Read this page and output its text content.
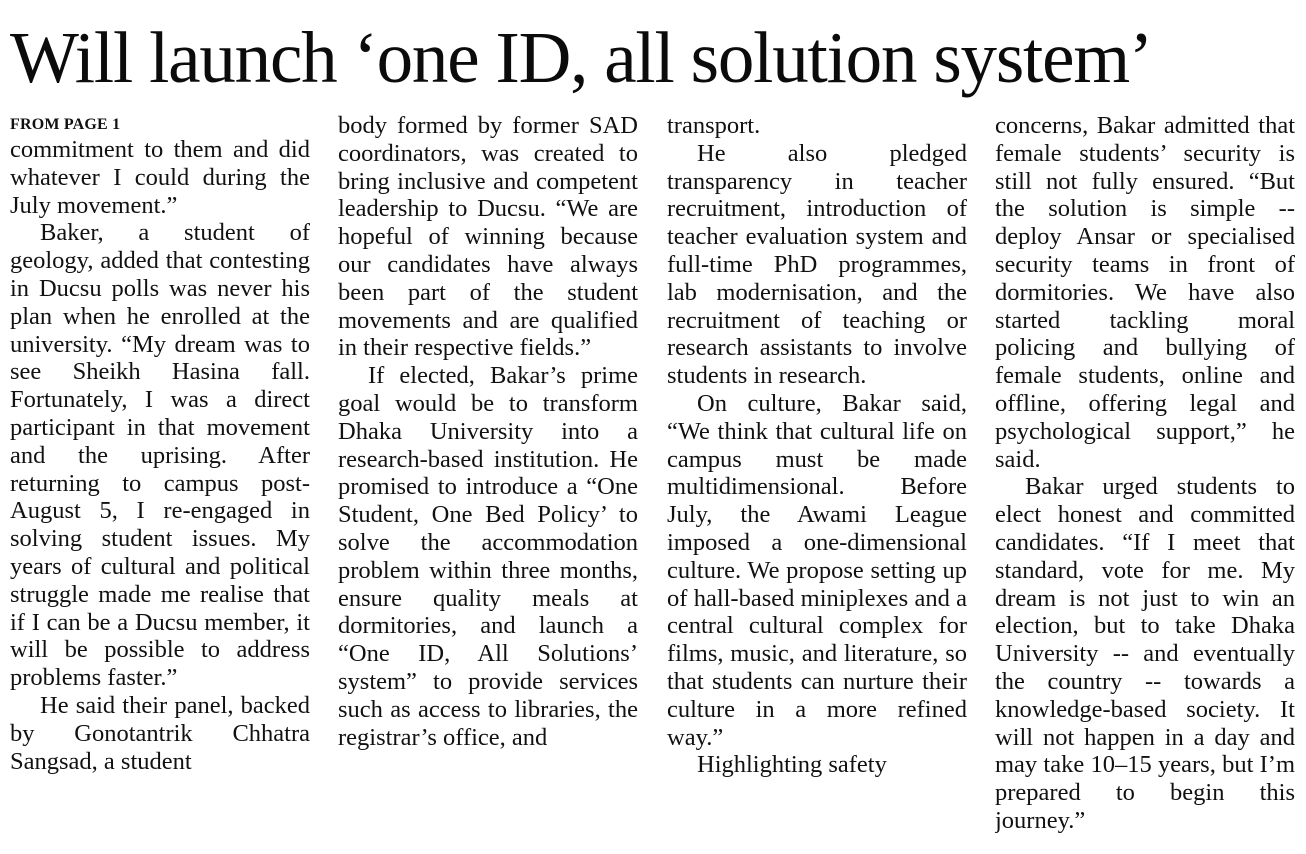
Will launch ‘one ID, all solution system’
FROM PAGE 1

commitment to them and did whatever I could during the July movement.”

Baker, a student of geology, added that contesting in Ducsu polls was never his plan when he enrolled at the university. “My dream was to see Sheikh Hasina fall. Fortunately, I was a direct participant in that movement and the uprising. After returning to campus post-August 5, I re-engaged in solving student issues. My years of cultural and political struggle made me realise that if I can be a Ducsu member, it will be possible to address problems faster.”

He said their panel, backed by Gonotantrik Chhatra Sangsad, a student

body formed by former SAD coordinators, was created to bring inclusive and competent leadership to Ducsu. “We are hopeful of winning because our candidates have always been part of the student movements and are qualified in their respective fields.”

If elected, Bakar’s prime goal would be to transform Dhaka University into a research-based institution. He promised to introduce a “One Student, One Bed Policy’ to solve the accommodation problem within three months, ensure quality meals at dormitories, and launch a “One ID, All Solutions’ system” to provide services such as access to libraries, the registrar’s office, and

transport.

He also pledged transparency in teacher recruitment, introduction of teacher evaluation system and full-time PhD programmes, lab modernisation, and the recruitment of teaching or research assistants to involve students in research.

On culture, Bakar said, “We think that cultural life on campus must be made multidimensional. Before July, the Awami League imposed a one-dimensional culture. We propose setting up of hall-based miniplexes and a central cultural complex for films, music, and literature, so that students can nurture their culture in a more refined way.”

Highlighting safety

concerns, Bakar admitted that female students’ security is still not fully ensured. “But the solution is simple -- deploy Ansar or specialised security teams in front of dormitories. We have also started tackling moral policing and bullying of female students, online and offline, offering legal and psychological support,” he said.

Bakar urged students to elect honest and committed candidates. “If I meet that standard, vote for me. My dream is not just to win an election, but to take Dhaka University -- and eventually the country -- towards a knowledge-based society. It will not happen in a day and may take 10–15 years, but I’m prepared to begin this journey.”
